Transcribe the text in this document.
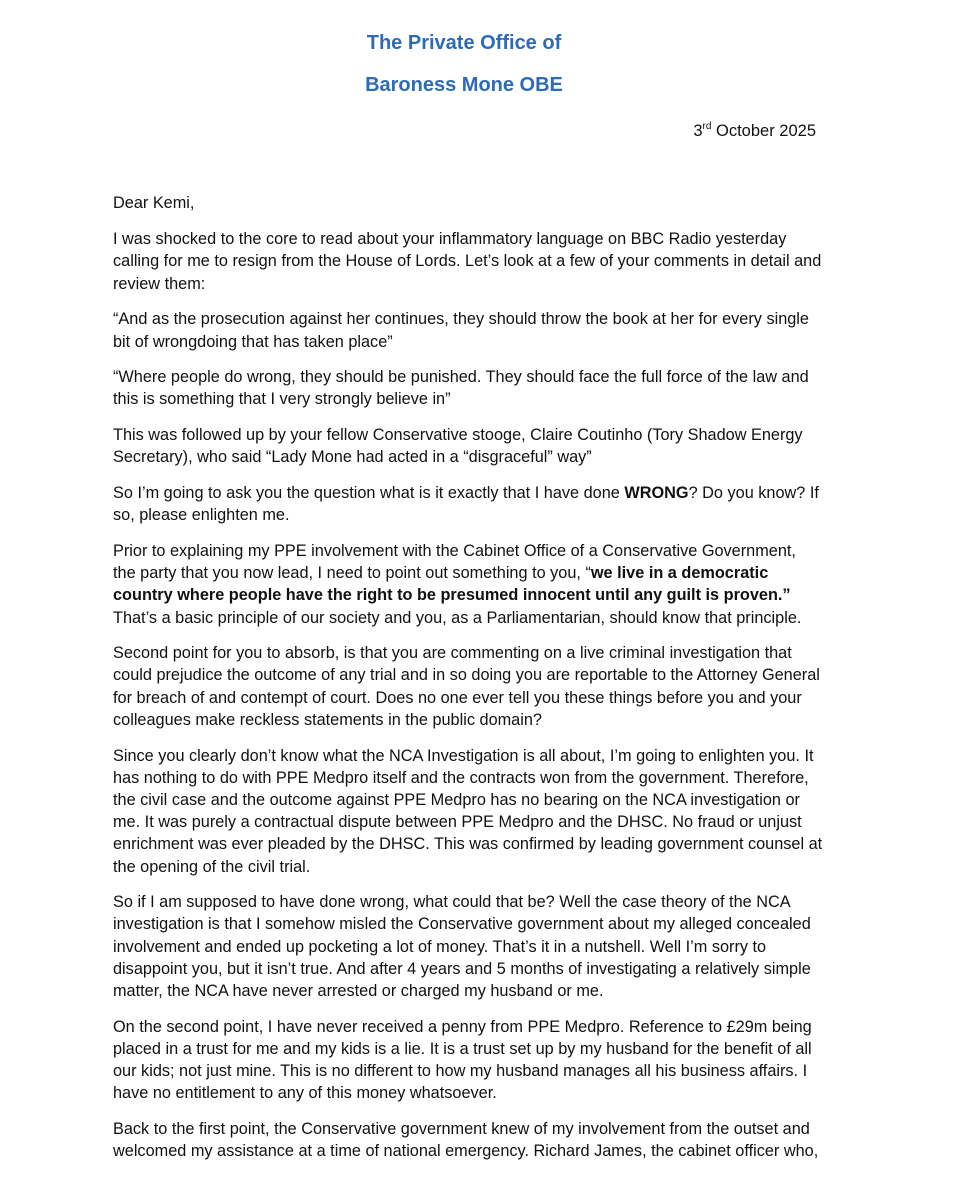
The Private Office of
Baroness Mone OBE
3rd October 2025

Dear Kemi,

I was shocked to the core to read about your inflammatory language on BBC Radio yesterday calling for me to resign from the House of Lords. Let’s look at a few of your comments in detail and review them:

“And as the prosecution against her continues, they should throw the book at her for every single bit of wrongdoing that has taken place”

“Where people do wrong, they should be punished. They should face the full force of the law and this is something that I very strongly believe in”

This was followed up by your fellow Conservative stooge, Claire Coutinho (Tory Shadow Energy Secretary), who said “Lady Mone had acted in a “disgraceful” way”

So I’m going to ask you the question what is it exactly that I have done WRONG? Do you know? If so, please enlighten me.

Prior to explaining my PPE involvement with the Cabinet Office of a Conservative Government, the party that you now lead, I need to point out something to you, “we live in a democratic country where people have the right to be presumed innocent until any guilt is proven.” That’s a basic principle of our society and you, as a Parliamentarian, should know that principle.

Second point for you to absorb, is that you are commenting on a live criminal investigation that could prejudice the outcome of any trial and in so doing you are reportable to the Attorney General for breach of and contempt of court. Does no one ever tell you these things before you and your colleagues make reckless statements in the public domain?

Since you clearly don’t know what the NCA Investigation is all about, I’m going to enlighten you. It has nothing to do with PPE Medpro itself and the contracts won from the government. Therefore, the civil case and the outcome against PPE Medpro has no bearing on the NCA investigation or me. It was purely a contractual dispute between PPE Medpro and the DHSC. No fraud or unjust enrichment was ever pleaded by the DHSC. This was confirmed by leading government counsel at the opening of the civil trial.

So if I am supposed to have done wrong, what could that be? Well the case theory of the NCA investigation is that I somehow misled the Conservative government about my alleged concealed involvement and ended up pocketing a lot of money. That’s it in a nutshell. Well I’m sorry to disappoint you, but it isn’t true. And after 4 years and 5 months of investigating a relatively simple matter, the NCA have never arrested or charged my husband or me.

On the second point, I have never received a penny from PPE Medpro. Reference to £29m being placed in a trust for me and my kids is a lie. It is a trust set up by my husband for the benefit of all our kids; not just mine. This is no different to how my husband manages all his business affairs. I have no entitlement to any of this money whatsoever.

Back to the first point, the Conservative government knew of my involvement from the outset and welcomed my assistance at a time of national emergency. Richard James, the cabinet officer who,
